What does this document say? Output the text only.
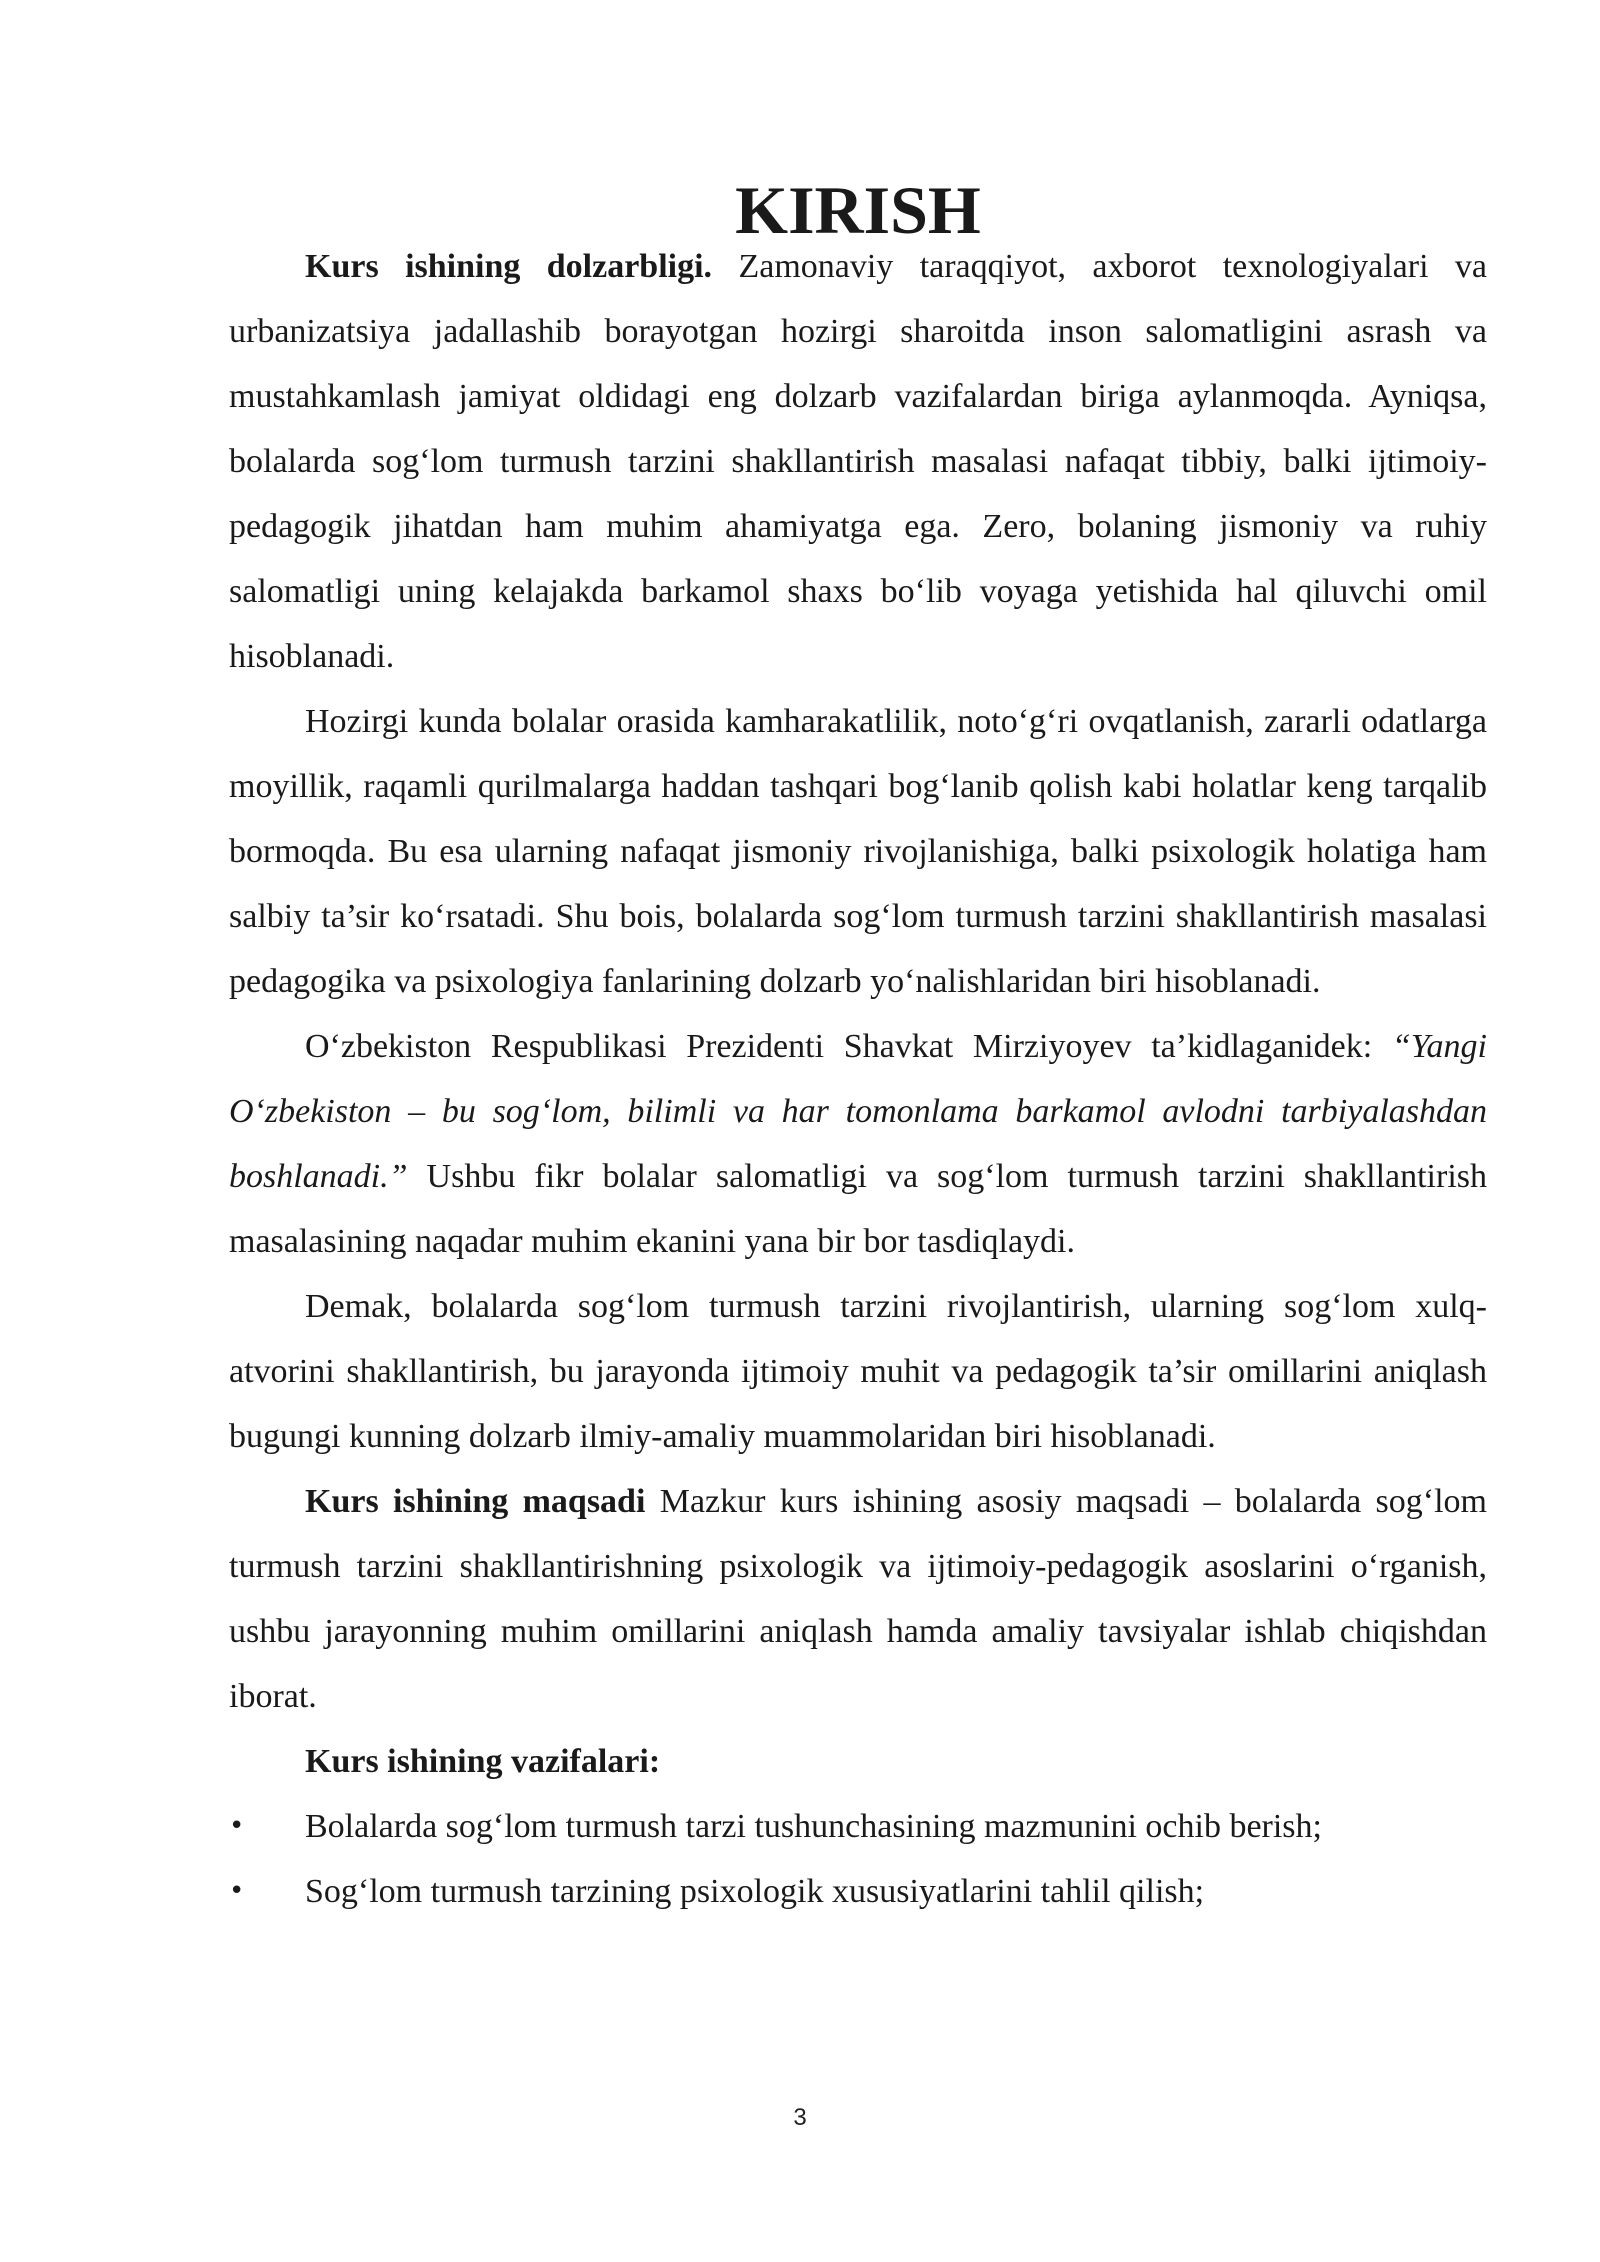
KIRISH

Kurs ishining dolzarbligi. Zamonaviy taraqqiyot, axborot texnologiyalari va urbanizatsiya jadallashib borayotgan hozirgi sharoitda inson salomatligini asrash va mustahkamlash jamiyat oldidagi eng dolzarb vazifalardan biriga aylanmoqda. Ayniqsa, bolalarda sog‘lom turmush tarzini shakllantirish masalasi nafaqat tibbiy, balki ijtimoiy-pedagogik jihatdan ham muhim ahamiyatga ega. Zero, bolaning jismoniy va ruhiy salomatligi uning kelajakda barkamol shaxs bo‘lib voyaga yetishida hal qiluvchi omil hisoblanadi.

Hozirgi kunda bolalar orasida kamharakatlilik, noto‘g‘ri ovqatlanish, zararli odatlarga moyillik, raqamli qurilmalarga haddan tashqari bog‘lanib qolish kabi holatlar keng tarqalib bormoqda. Bu esa ularning nafaqat jismoniy rivojlanishiga, balki psixologik holatiga ham salbiy ta’sir ko‘rsatadi. Shu bois, bolalarda sog‘lom turmush tarzini shakllantirish masalasi pedagogika va psixologiya fanlarining dolzarb yo‘nalishlaridan biri hisoblanadi.

O‘zbekiston Respublikasi Prezidenti Shavkat Mirziyoyev ta’kidlaganidek: “Yangi O‘zbekiston – bu sog‘lom, bilimli va har tomonlama barkamol avlodni tarbiyalashdan boshlanadi.” Ushbu fikr bolalar salomatligi va sog‘lom turmush tarzini shakllantirish masalasining naqadar muhim ekanini yana bir bor tasdiqlaydi.

Demak, bolalarda sog‘lom turmush tarzini rivojlantirish, ularning sog‘lom xulq-atvorini shakllantirish, bu jarayonda ijtimoiy muhit va pedagogik ta’sir omillarini aniqlash bugungi kunning dolzarb ilmiy-amaliy muammolaridan biri hisoblanadi.

Kurs ishining maqsadi Mazkur kurs ishining asosiy maqsadi – bolalarda sog‘lom turmush tarzini shakllantirishning psixologik va ijtimoiy-pedagogik asoslarini o‘rganish, ushbu jarayonning muhim omillarini aniqlash hamda amaliy tavsiyalar ishlab chiqishdan iborat.

Kurs ishining vazifalari:
•	Bolalarda sog‘lom turmush tarzi tushunchasining mazmunini ochib berish;
•	Sog‘lom turmush tarzining psixologik xususiyatlarini tahlil qilish;
3
